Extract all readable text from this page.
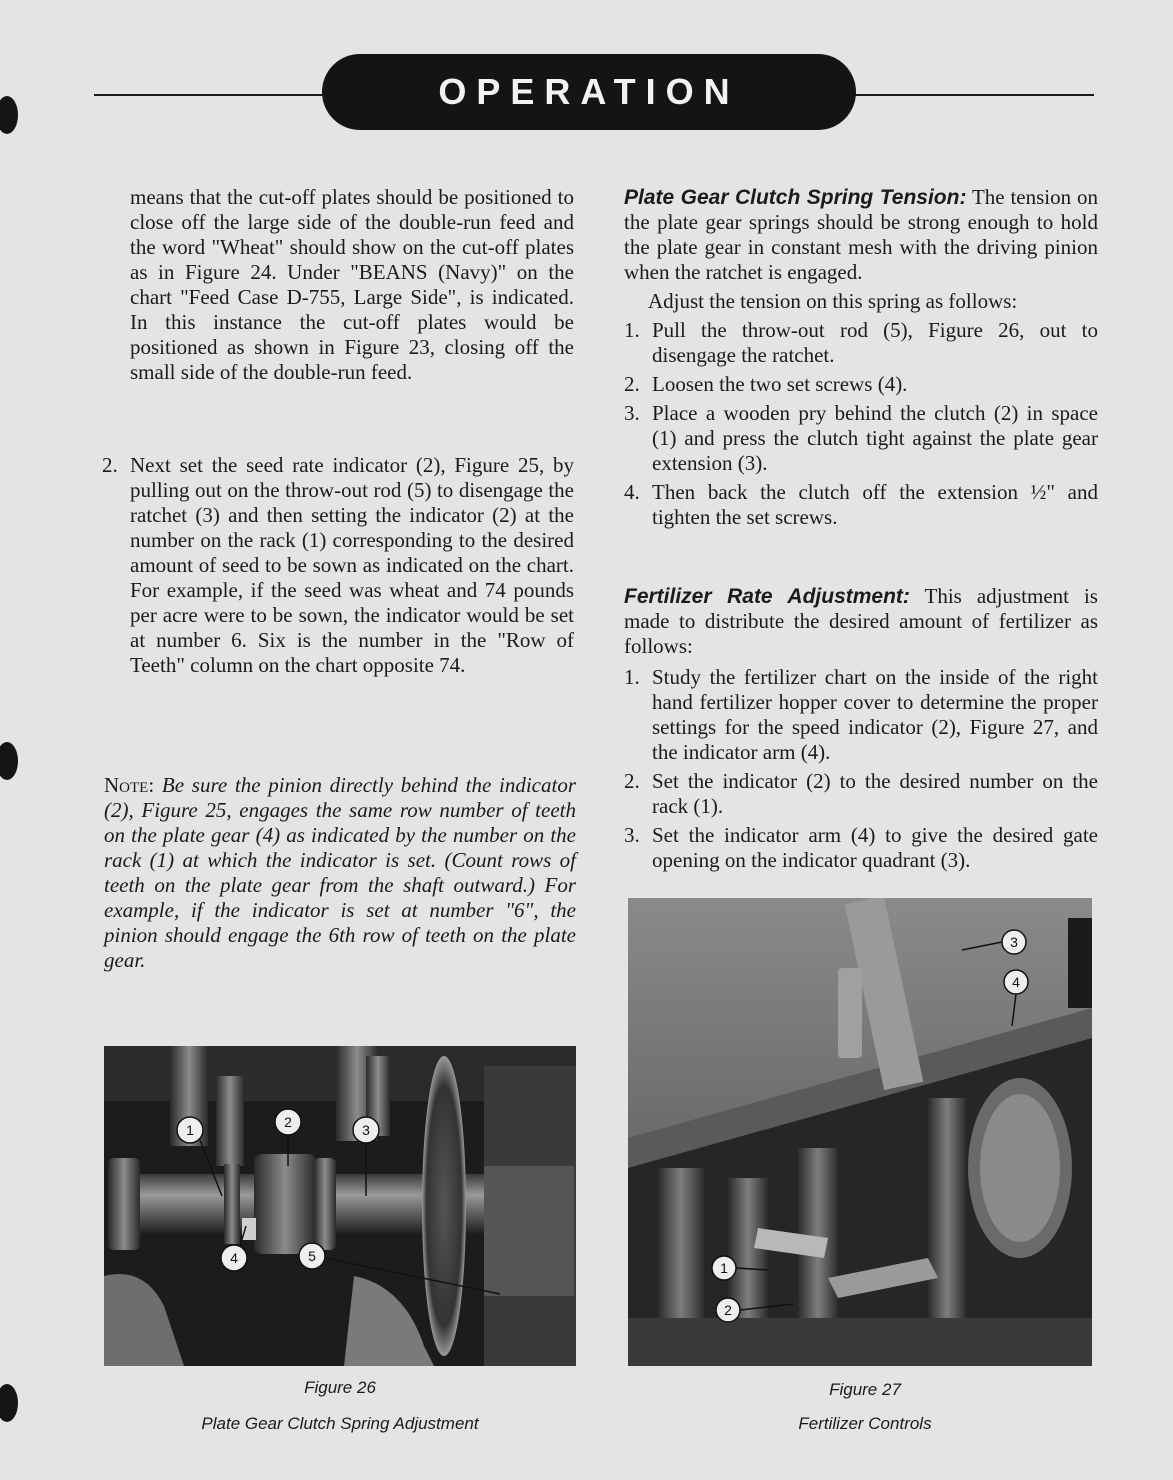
OPERATION

means that the cut-off plates should be positioned to close off the large side of the double-run feed and the word "Wheat" should show on the cut-off plates as in Figure 24. Under "BEANS (Navy)" on the chart "Feed Case D-755, Large Side", is indicated. In this instance the cut-off plates would be positioned as shown in Figure 23, closing off the small side of the double-run feed.

2. Next set the seed rate indicator (2), Figure 25, by pulling out on the throw-out rod (5) to disengage the ratchet (3) and then setting the indicator (2) at the number on the rack (1) corresponding to the desired amount of seed to be sown as indicated on the chart. For example, if the seed was wheat and 74 pounds per acre were to be sown, the indicator would be set at number 6. Six is the number in the "Row of Teeth" column on the chart opposite 74.
Note: Be sure the pinion directly behind the indicator (2), Figure 25, engages the same row number of teeth on the plate gear (4) as indicated by the number on the rack (1) at which the indicator is set. (Count rows of teeth on the plate gear from the shaft outward.) For example, if the indicator is set at number "6", the pinion should engage the 6th row of teeth on the plate gear.

Plate Gear Clutch Spring Tension: The tension on the plate gear springs should be strong enough to hold the plate gear in constant mesh with the driving pinion when the ratchet is engaged.

Adjust the tension on this spring as follows:

1. Pull the throw-out rod (5), Figure 26, out to disengage the ratchet.
2. Loosen the two set screws (4).
3. Place a wooden pry behind the clutch (2) in space (1) and press the clutch tight against the plate gear extension (3).
4. Then back the clutch off the extension ½" and tighten the set screws.

Fertilizer Rate Adjustment: This adjustment is made to distribute the desired amount of fertilizer as follows:

1. Study the fertilizer chart on the inside of the right hand fertilizer hopper cover to determine the proper settings for the speed indicator (2), Figure 27, and the indicator arm (4).
2. Set the indicator (2) to the desired number on the rack (1).
3. Set the indicator arm (4) to give the desired gate opening on the indicator quadrant (3).
1	2	3
4	5
3
4
1
2
Figure 26
Plate Gear Clutch Spring Adjustment
Figure 27
Fertilizer Controls
